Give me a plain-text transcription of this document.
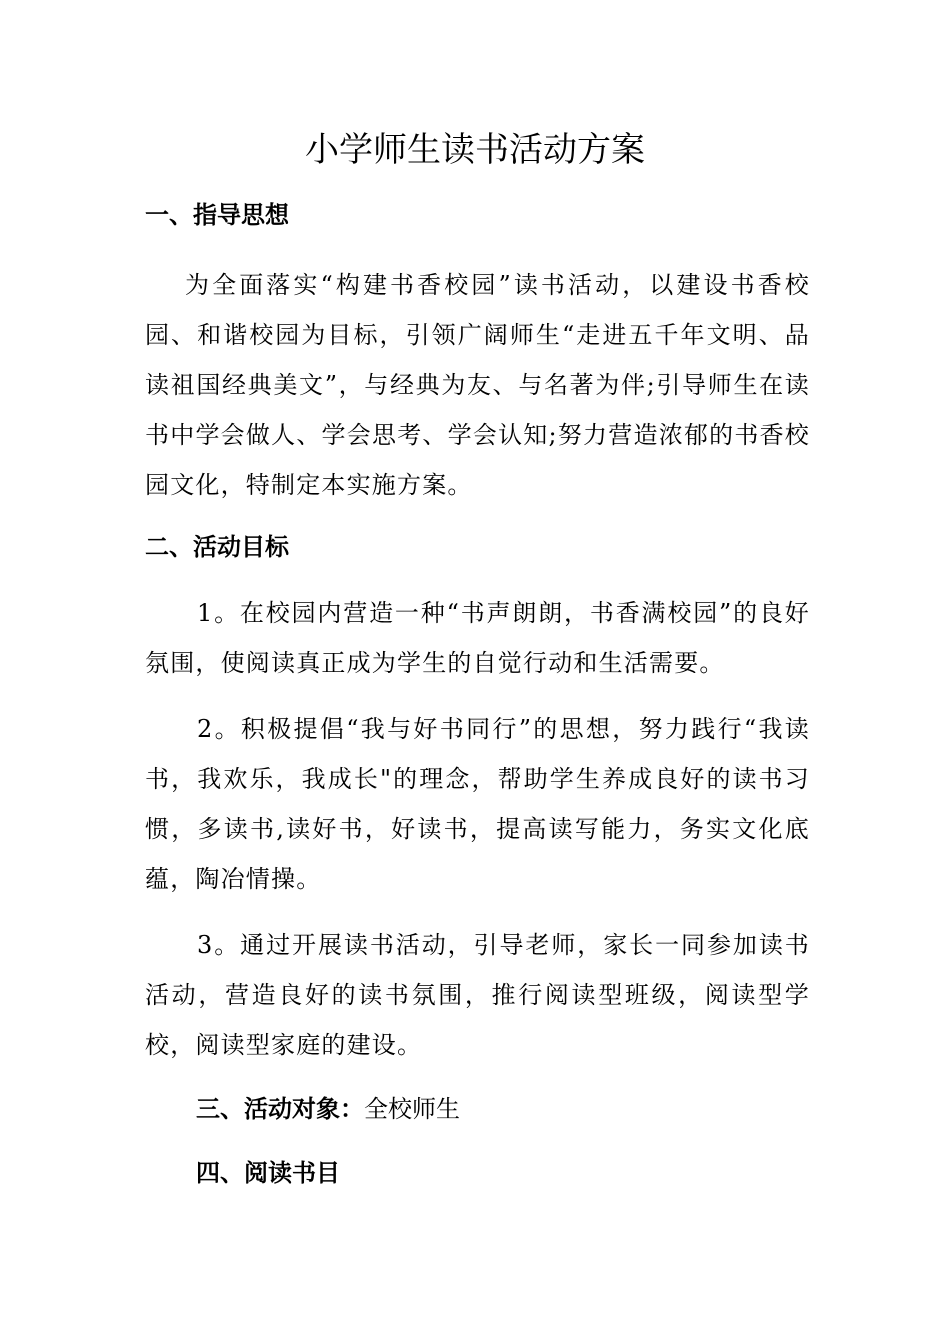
小学师生读书活动方案
一、指导思想

为全面落实“构建书香校园”读书活动，以建设书香校园、和谐校园为目标，引领广阔师生“走进五千年文明、品读祖国经典美文”，与经典为友、与名著为伴;引导师生在读书中学会做人、学会思考、学会认知;努力营造浓郁的书香校园文化，特制定本实施方案。

二、活动目标

1。在校园内营造一种“书声朗朗，书香满校园”的良好氛围，使阅读真正成为学生的自觉行动和生活需要。

2。积极提倡“我与好书同行”的思想，努力践行“我读书，我欢乐，我成长"的理念，帮助学生养成良好的读书习惯，多读书,读好书，好读书，提高读写能力，务实文化底蕴，陶冶情操。

3。通过开展读书活动，引导老师，家长一同参加读书活动，营造良好的读书氛围，推行阅读型班级，阅读型学校，阅读型家庭的建设。

三、活动对象：全校师生
四、阅读书目
